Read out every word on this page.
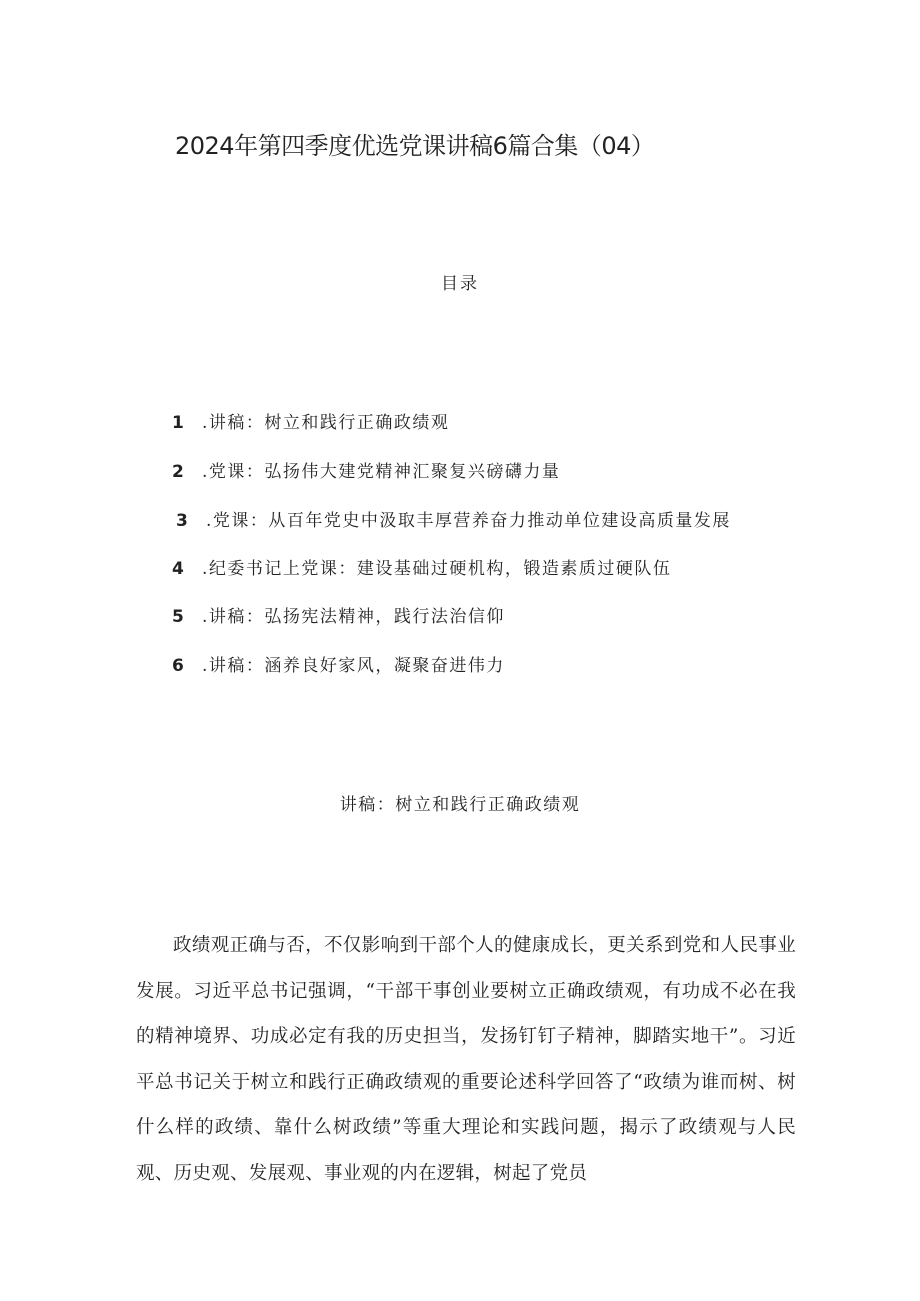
2024年第四季度优选党课讲稿6篇合集（04）
目录
1 .讲稿：树立和践行正确政绩观
2 .党课：弘扬伟大建党精神汇聚复兴磅礴力量
3 .党课：从百年党史中汲取丰厚营养奋力推动单位建设高质量发展
4 .纪委书记上党课：建设基础过硬机构，锻造素质过硬队伍
5 .讲稿：弘扬宪法精神，践行法治信仰
6 .讲稿：涵养良好家风，凝聚奋进伟力
讲稿：树立和践行正确政绩观
政绩观正确与否，不仅影响到干部个人的健康成长，更关系到党和人民事业发展。习近平总书记强调，“干部干事创业要树立正确政绩观，有功成不必在我的精神境界、功成必定有我的历史担当，发扬钉钉子精神，脚踏实地干”。习近平总书记关于树立和践行正确政绩观的重要论述科学回答了“政绩为谁而树、树什么样的政绩、靠什么树政绩”等重大理论和实践问题，揭示了政绩观与人民观、历史观、发展观、事业观的内在逻辑，树起了党员
